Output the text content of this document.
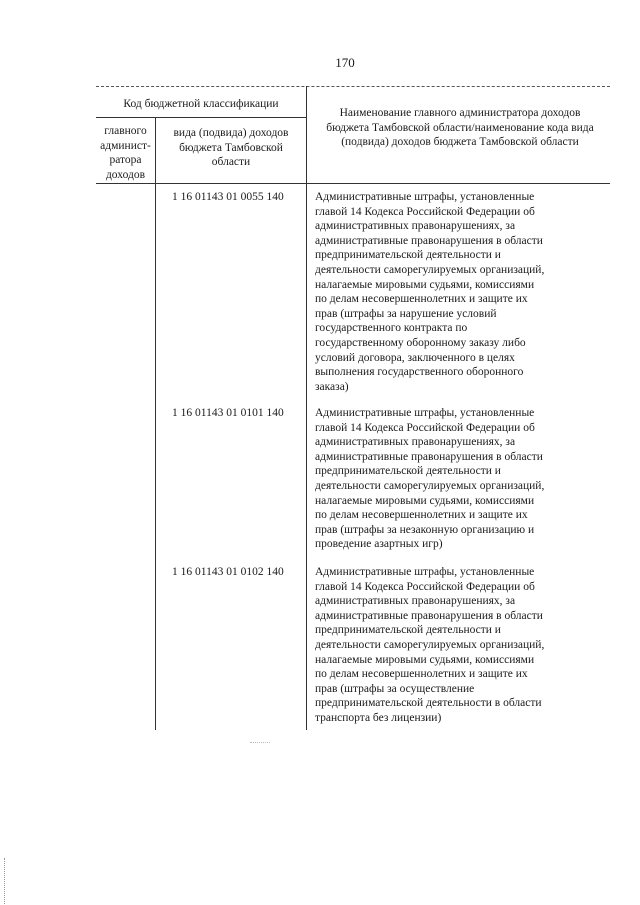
170
Код бюджетной классификации
главного админист-ратора доходов
вида (подвида) доходов бюджета Тамбовской области
Наименование главного администратора доходов бюджета Тамбовской области/наименование кода вида (подвида) доходов бюджета Тамбовской области
1 16 01143 01 0055 140	Административные штрафы, установленные
главой 14 Кодекса Российской Федерации об
административных правонарушениях, за
административные правонарушения в области
предпринимательской деятельности и
деятельности саморегулируемых организаций,
налагаемые мировыми судьями, комиссиями
по делам несовершеннолетних и защите их
прав (штрафы за нарушение условий
государственного контракта по
государственному оборонному заказу либо
условий договора, заключенного в целях
выполнения государственного оборонного
заказа)
1 16 01143 01 0101 140	Административные штрафы, установленные
главой 14 Кодекса Российской Федерации об
административных правонарушениях, за
административные правонарушения в области
предпринимательской деятельности и
деятельности саморегулируемых организаций,
налагаемые мировыми судьями, комиссиями
по делам несовершеннолетних и защите их
прав (штрафы за незаконную организацию и
проведение азартных игр)
1 16 01143 01 0102 140	Административные штрафы, установленные
главой 14 Кодекса Российской Федерации об
административных правонарушениях, за
административные правонарушения в области
предпринимательской деятельности и
деятельности саморегулируемых организаций,
налагаемые мировыми судьями, комиссиями
по делам несовершеннолетних и защите их
прав (штрафы за осуществление
предпринимательской деятельности в области
транспорта без лицензии)
